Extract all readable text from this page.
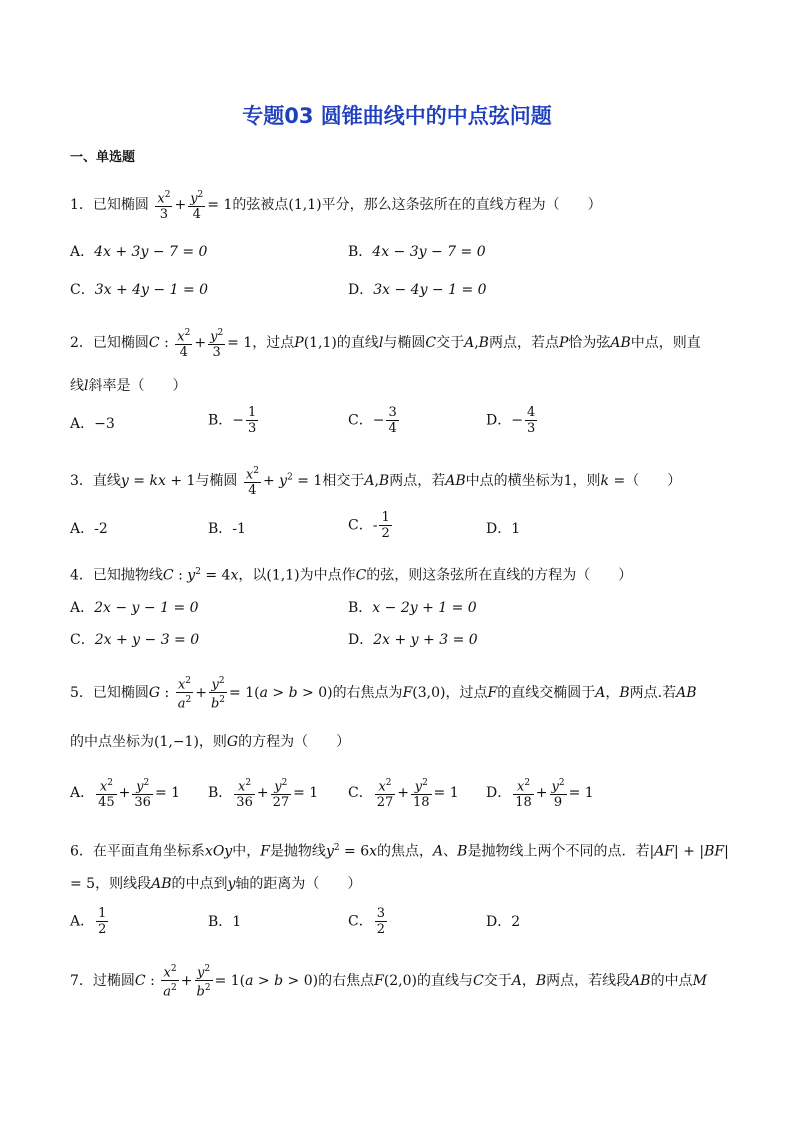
专题03 圆锥曲线中的中点弦问题
一、单选题
1．已知椭圆 $\frac{x^2}{3} + \frac{y^2}{4} = 1$的弦被点(1,1)平分，那么这条弦所在的直线方程为（　　）
A．4x + 3y − 7 = 0	B．4x − 3y − 7 = 0
C．3x + 4y − 1 = 0	D．3x − 4y − 1 = 0
2．已知椭圆C : $\frac{x^2}{4} + \frac{y^2}{3} = 1$，过点P(1,1)的直线l与椭圆C交于A,B两点，若点P恰为弦AB中点，则直
线l斜率是（　　）
A．−3	B．− $\frac{1}{3}$	C．− $\frac{3}{4}$	D．− $\frac{4}{3}$
3．直线y = kx + 1与椭圆 $\frac{x^2}{4} + y^2 = 1$相交于A,B两点，若AB中点的横坐标为1，则k =（　　）
A．-2	B．-1	C．- $\frac{1}{2}$	D．1
4．已知抛物线C : $y^2 = 4x$，以(1,1)为中点作C的弦，则这条弦所在直线的方程为（　　）
A．2x − y − 1 = 0	B．x − 2y + 1 = 0
C．2x + y − 3 = 0	D．2x + y + 3 = 0
5．已知椭圆G : $\frac{x^2}{a^2} + \frac{y^2}{b^2} = 1(a > b > 0)$的右焦点为F(3,0)，过点F的直线交椭圆于A，B两点.若AB
的中点坐标为(1,−1)，则G的方程为（　　）
A． $\frac{x^2}{45} + \frac{y^2}{36} = 1$ B． $\frac{x^2}{36} + \frac{y^2}{27} = 1$ C． $\frac{x^2}{27} + \frac{y^2}{18} = 1$ D． $\frac{x^2}{18} + \frac{y^2}{9} = 1$
6．在平面直角坐标系xOy中，F是抛物线$y^2 = 6x$的焦点，A、B是抛物线上两个不同的点．若|AF| + |BF|
= 5，则线段AB的中点到y轴的距离为（　　）
A． $\frac{1}{2}$	B．1	C． $\frac{3}{2}$	D．2
7．过椭圆C : $\frac{x^2}{a^2} + \frac{y^2}{b^2} = 1(a > b > 0)$的右焦点F(2,0)的直线与C交于A，B两点，若线段AB的中点M
